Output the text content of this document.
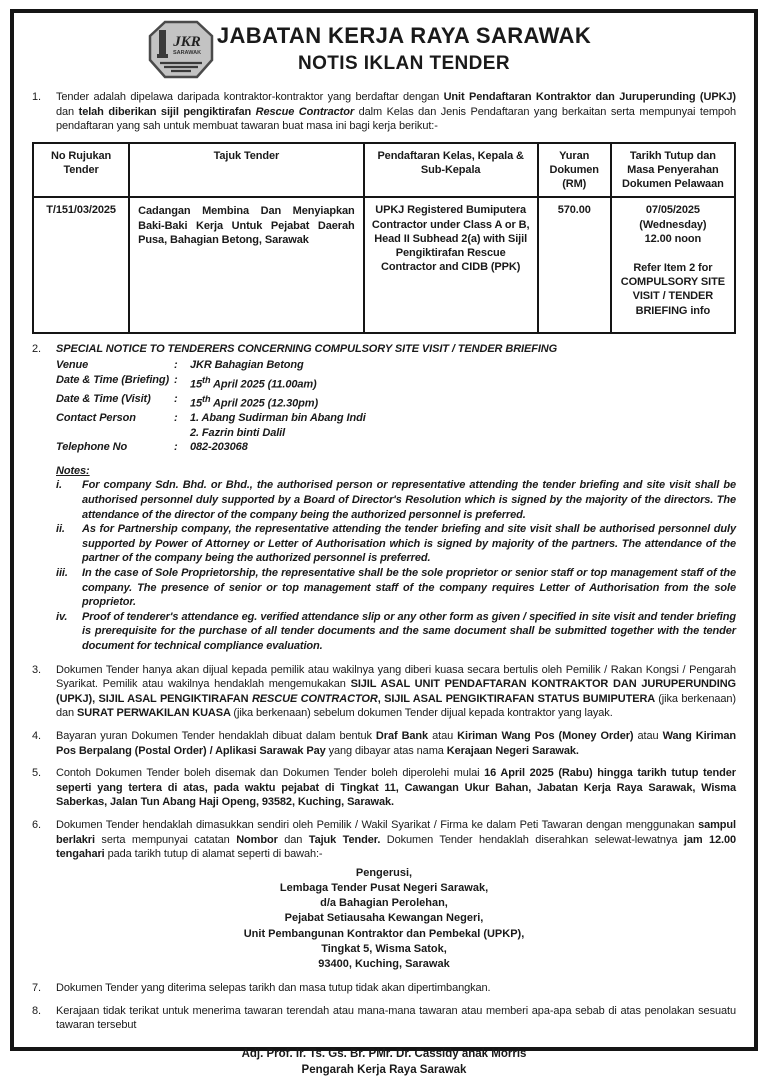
JKR
SARAWAK
JABATAN KERJA RAYA SARAWAK
NOTIS IKLAN TENDER
1.	Tender adalah dipelawa daripada kontraktor-kontraktor yang berdaftar dengan Unit Pendaftaran Kontraktor dan Juruperunding (UPKJ) dan telah diberikan sijil pengiktirafan Rescue Contractor dalm Kelas dan Jenis Pendaftaran yang berkaitan serta mempunyai tempoh pendaftaran yang sah untuk membuat tawaran buat masa ini bagi kerja berikut:-
No Rujukan Tender	Tajuk Tender	Pendaftaran Kelas, Kepala & Sub-Kepala	Yuran Dokumen (RM)	Tarikh Tutup dan Masa Penyerahan Dokumen Pelawaan
T/151/03/2025	Cadangan Membina Dan Menyiapkan Baki-Baki Kerja Untuk Pejabat Daerah Pusa, Bahagian Betong, Sarawak	UPKJ Registered Bumiputera Contractor under Class A or B, Head II Subhead 2(a) with Sijil Pengiktirafan Rescue Contractor and CIDB (PPK)	570.00	07/05/2025
(Wednesday)
12.00 noon
Refer Item 2 for COMPULSORY SITE VISIT / TENDER BRIEFING info
2.	SPECIAL NOTICE TO TENDERERS CONCERNING COMPULSORY SITE VISIT / TENDER BRIEFING
Venue	:	JKR Bahagian Betong
Date & Time (Briefing) :	15th April 2025 (11.00am)
Date & Time (Visit)	:	15th April 2025 (12.30pm)
Contact Person	:	1. Abang Sudirman bin Abang Indi
2. Fazrin binti Dalil
Telephone No	:	082-203068
Notes:
i.	For company Sdn. Bhd. or Bhd., the authorised person or representative attending the tender briefing and site visit shall be authorised personnel duly supported by a Board of Director's Resolution which is signed by the majority of the directors. The attendance of the director of the company being the authorized personnel is preferred.
ii.	As for Partnership company, the representative attending the tender briefing and site visit shall be authorised personnel duly supported by Power of Attorney or Letter of Authorisation which is signed by majority of the partners. The attendance of the partner of the company being the authorized personnel is preferred.
iii.	In the case of Sole Proprietorship, the representative shall be the sole proprietor or senior staff or top management staff of the company. The presence of senior or top management staff of the company requires Letter of Authorisation from the sole proprietor.
iv.	Proof of tenderer's attendance eg. verified attendance slip or any other form as given / specified in site visit and tender briefing is prerequisite for the purchase of all tender documents and the same document shall be submitted together with the tender document for technical compliance evaluation.
3.	Dokumen Tender hanya akan dijual kepada pemilik atau wakilnya yang diberi kuasa secara bertulis oleh Pemilik / Rakan Kongsi / Pengarah Syarikat. Pemilik atau wakilnya hendaklah mengemukakan SIJIL ASAL UNIT PENDAFTARAN KONTRAKTOR DAN JURUPERUNDING (UPKJ), SIJIL ASAL PENGIKTIRAFAN RESCUE CONTRACTOR, SIJIL ASAL PENGIKTIRAFAN STATUS BUMIPUTERA (jika berkenaan) dan SURAT PERWAKILAN KUASA (jika berkenaan) sebelum dokumen Tender dijual kepada kontraktor yang layak.
4.	Bayaran yuran Dokumen Tender hendaklah dibuat dalam bentuk Draf Bank atau Kiriman Wang Pos (Money Order) atau Wang Kiriman Pos Berpalang (Postal Order) / Aplikasi Sarawak Pay yang dibayar atas nama Kerajaan Negeri Sarawak.
5.	Contoh Dokumen Tender boleh disemak dan Dokumen Tender boleh diperolehi mulai 16 April 2025 (Rabu) hingga tarikh tutup tender seperti yang tertera di atas, pada waktu pejabat di Tingkat 11, Cawangan Ukur Bahan, Jabatan Kerja Raya Sarawak, Wisma Saberkas, Jalan Tun Abang Haji Openg, 93582, Kuching, Sarawak.
6.	Dokumen Tender hendaklah dimasukkan sendiri oleh Pemilik / Wakil Syarikat / Firma ke dalam Peti Tawaran dengan menggunakan sampul berlakri serta mempunyai catatan Nombor dan Tajuk Tender. Dokumen Tender hendaklah diserahkan selewat-lewatnya jam 12.00 tengahari pada tarikh tutup di alamat seperti di bawah:-
Pengerusi,
Lembaga Tender Pusat Negeri Sarawak,
d/a Bahagian Perolehan,
Pejabat Setiausaha Kewangan Negeri,
Unit Pembangunan Kontraktor dan Pembekal (UPKP),
Tingkat 5, Wisma Satok,
93400, Kuching, Sarawak
7.	Dokumen Tender yang diterima selepas tarikh dan masa tutup tidak akan dipertimbangkan.
8.	Kerajaan tidak terikat untuk menerima tawaran terendah atau mana-mana tawaran atau memberi apa-apa sebab di atas penolakan sesuatu tawaran tersebut
Adj. Prof. Ir. Ts. Gs. Br. PMr. Dr. Cassidy anak Morris
Pengarah Kerja Raya Sarawak
